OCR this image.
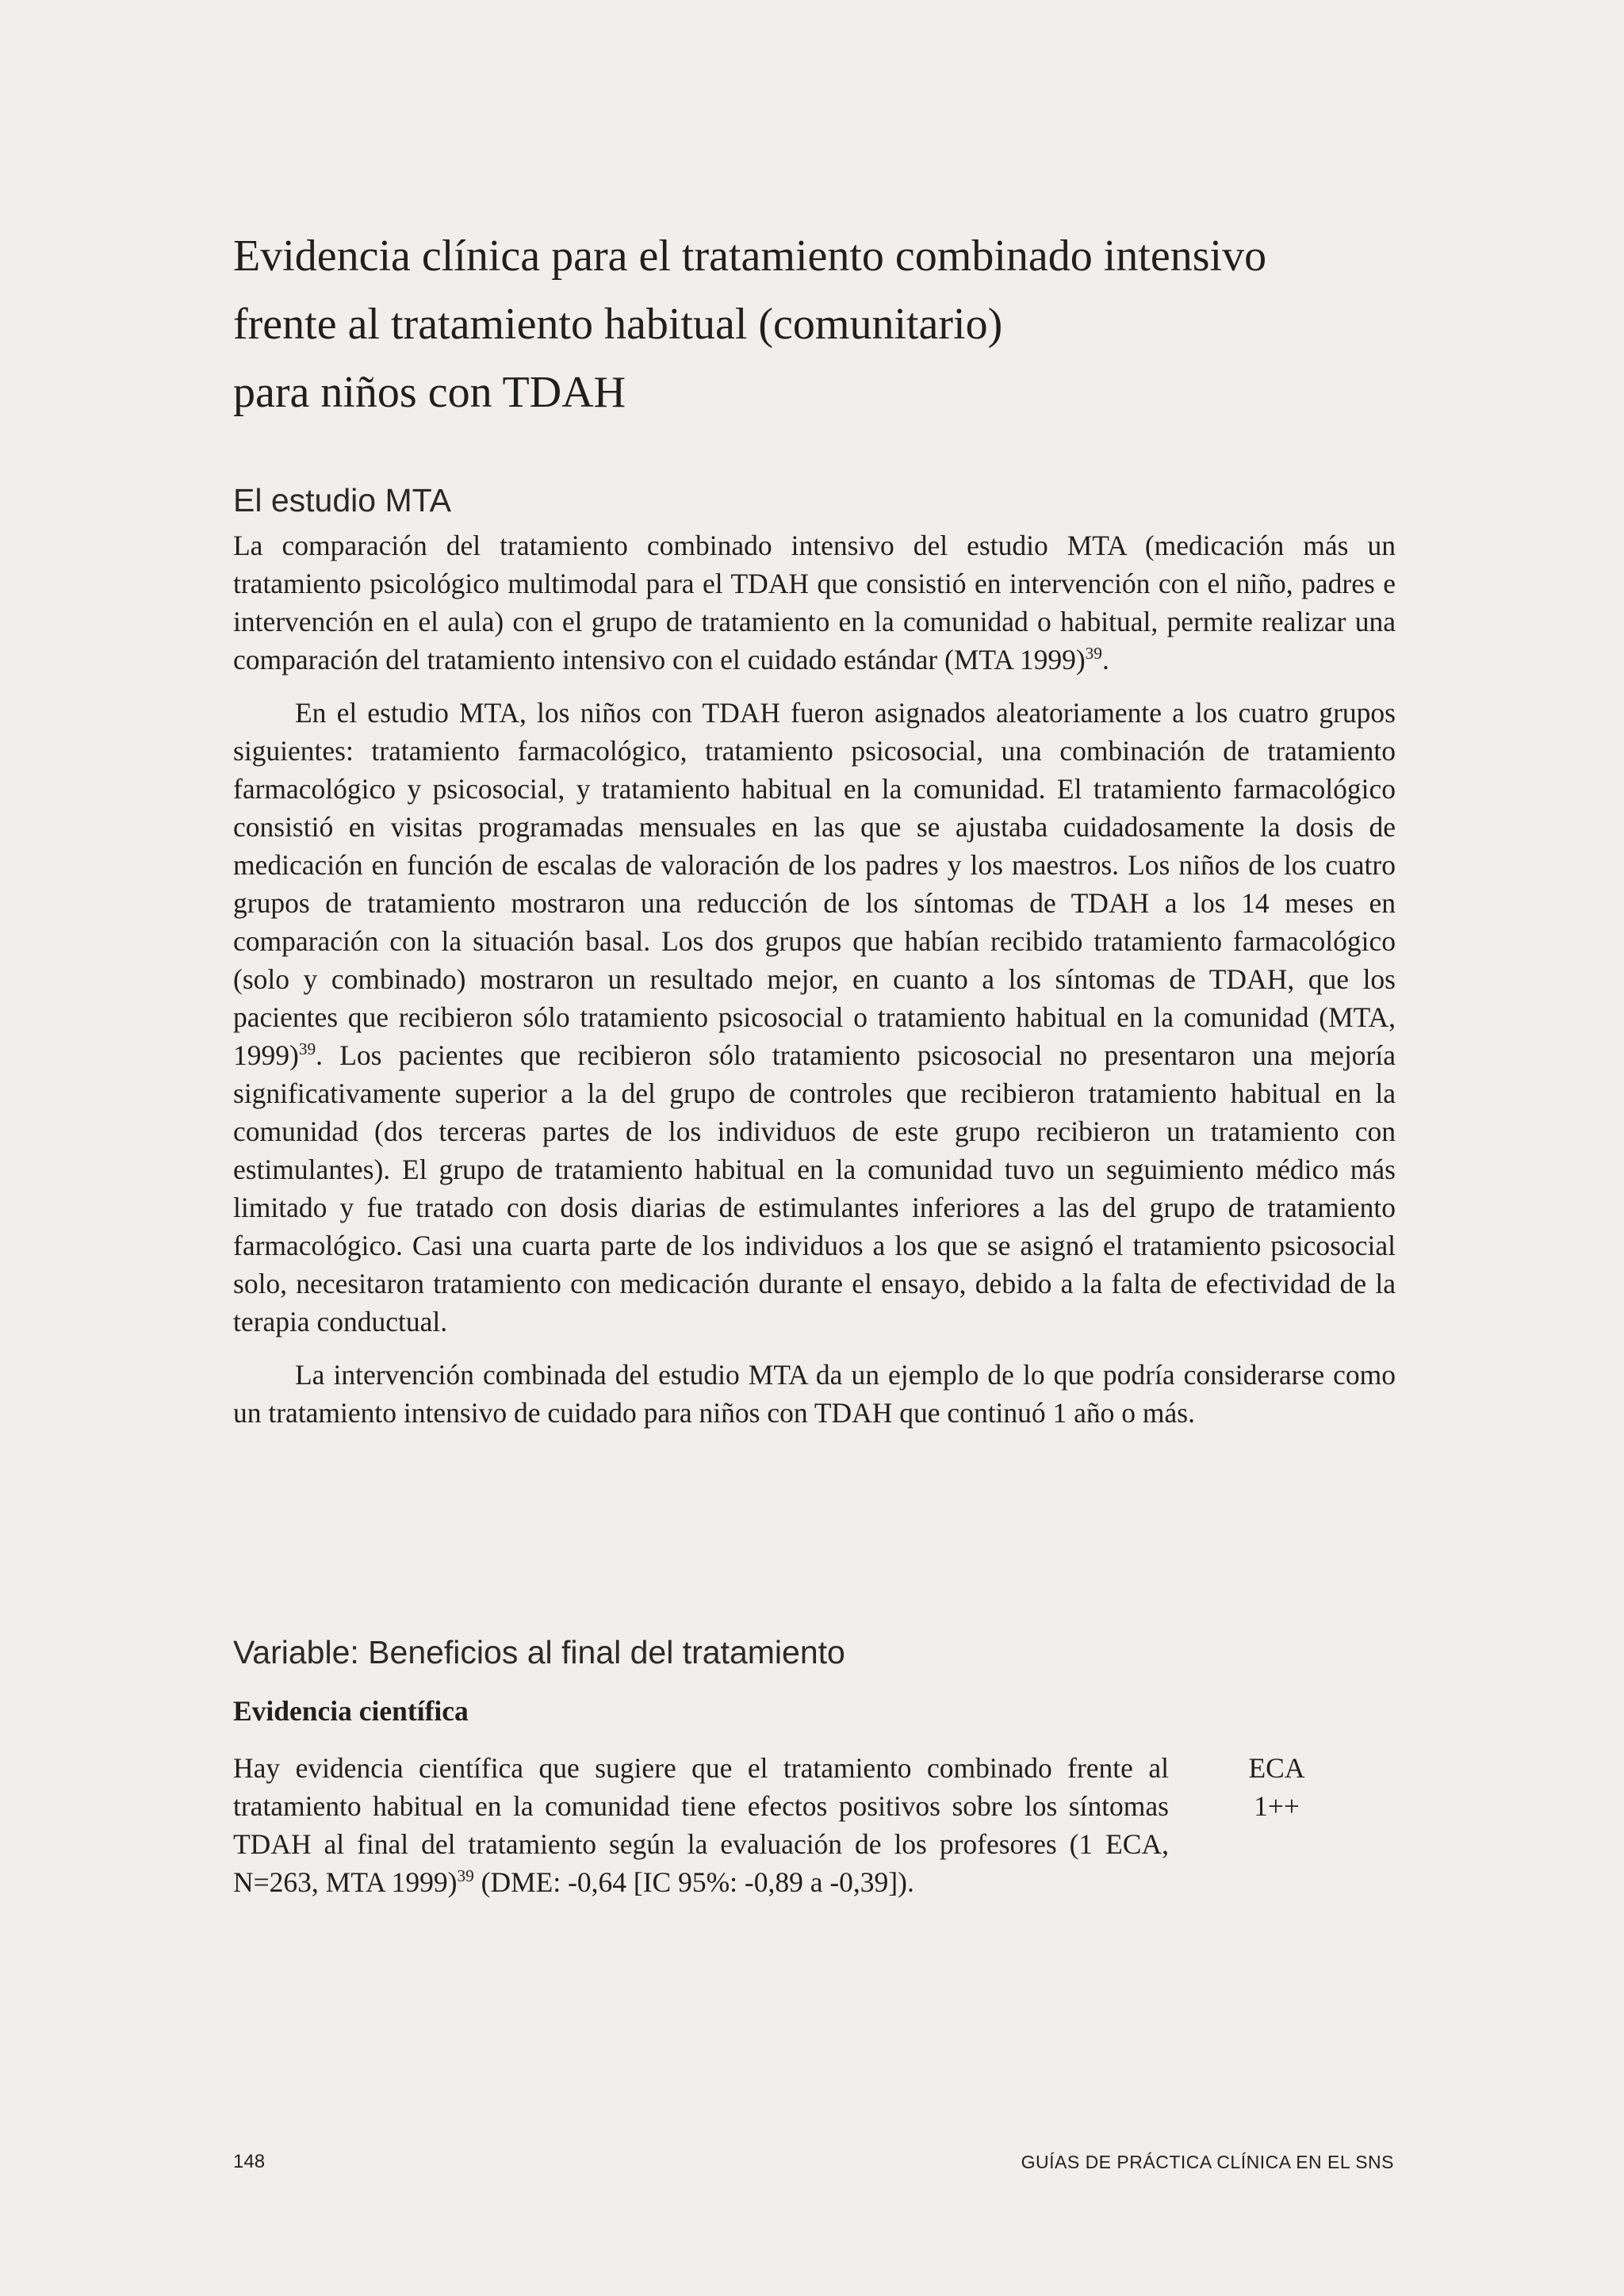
Evidencia clínica para el tratamiento combinado intensivo
frente al tratamiento habitual (comunitario)
para niños con TDAH
El estudio MTA

La comparación del tratamiento combinado intensivo del estudio MTA (medicación más un tratamiento psicológico multimodal para el TDAH que consistió en intervención con el niño, padres e intervención en el aula) con el grupo de tratamiento en la comunidad o habitual, permite realizar una comparación del tratamiento intensivo con el cuidado estándar (MTA 1999)$^{39}$.

En el estudio MTA, los niños con TDAH fueron asignados aleatoriamente a los cuatro grupos siguientes: tratamiento farmacológico, tratamiento psicosocial, una combinación de tratamiento farmacológico y psicosocial, y tratamiento habitual en la comunidad. El tratamiento farmacológico consistió en visitas programadas mensuales en las que se ajustaba cuidadosamente la dosis de medicación en función de escalas de valoración de los padres y los maestros. Los niños de los cuatro grupos de tratamiento mostraron una reducción de los síntomas de TDAH a los 14 meses en comparación con la situación basal. Los dos grupos que habían recibido tratamiento farmacológico (solo y combinado) mostraron un resultado mejor, en cuanto a los síntomas de TDAH, que los pacientes que recibieron sólo tratamiento psicosocial o tratamiento habitual en la comunidad (MTA, 1999)$^{39}$. Los pacientes que recibieron sólo tratamiento psicosocial no presentaron una mejoría significativamente superior a la del grupo de controles que recibieron tratamiento habitual en la comunidad (dos terceras partes de los individuos de este grupo recibieron un tratamiento con estimulantes). El grupo de tratamiento habitual en la comunidad tuvo un seguimiento médico más limitado y fue tratado con dosis diarias de estimulantes inferiores a las del grupo de tratamiento farmacológico. Casi una cuarta parte de los individuos a los que se asignó el tratamiento psicosocial solo, necesitaron tratamiento con medicación durante el ensayo, debido a la falta de efectividad de la terapia conductual.

La intervención combinada del estudio MTA da un ejemplo de lo que podría considerarse como un tratamiento intensivo de cuidado para niños con TDAH que continuó 1 año o más.

Variable: Beneficios al final del tratamiento

Evidencia científica

Hay evidencia científica que sugiere que el tratamiento combinado frente al tratamiento habitual en la comunidad tiene efectos positivos sobre los síntomas TDAH al final del tratamiento según la evaluación de los profesores (1 ECA, N=263, MTA 1999)$^{39}$ (DME: -0,64 [IC 95%: -0,89 a -0,39]).

ECA
1++
148	GUÍAS DE PRÁCTICA CLÍNICA EN EL SNS
